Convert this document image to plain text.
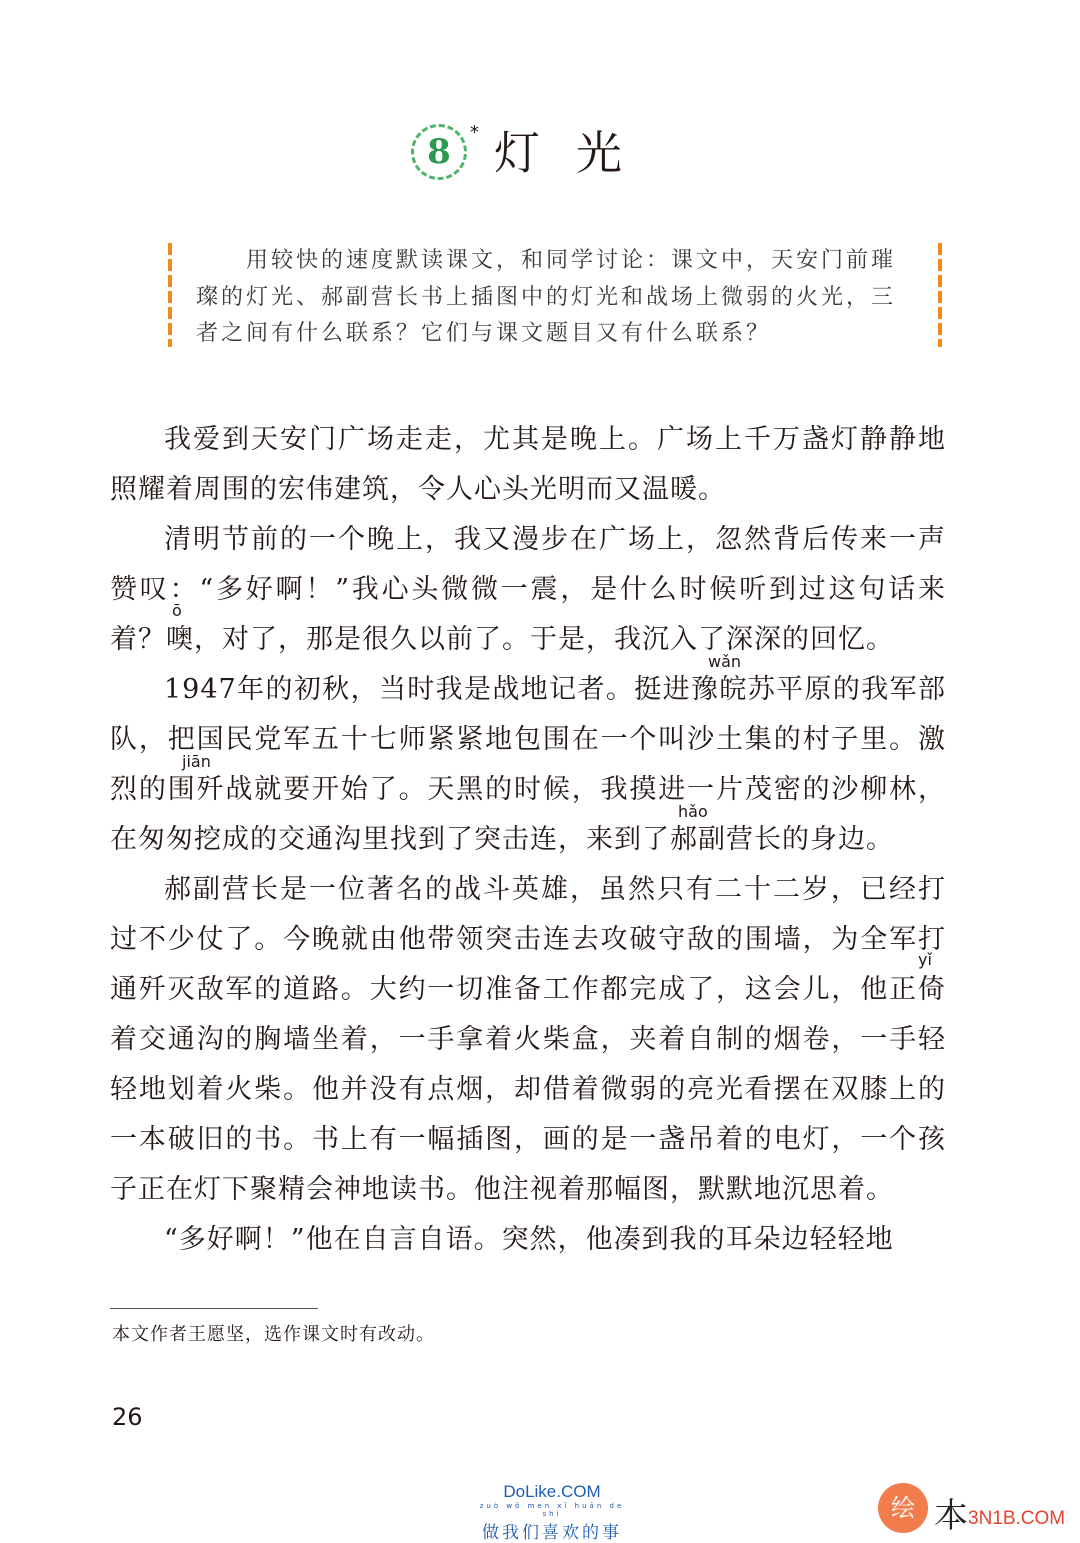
8	* 灯光

用较快的速度默读课文，和同学讨论：课文中，天安门前璀璨的灯光、郝副营长书上插图中的灯光和战场上微弱的火光，三者之间有什么联系？它们与课文题目又有什么联系？

我爱到天安门广场走走，尤其是晚上。广场上千万盏灯静静地照耀着周围的宏伟建筑，令人心头光明而又温暖。

清明节前的一个晚上，我又漫步在广场上，忽然背后传来一声赞叹：“多好啊！”我心头微微一震，是什么时候听到过这句话来着？噢，对了，那是很久以前了。于是，我沉入了深深的回忆。

1947年的初秋，当时我是战地记者。挺进豫皖苏平原的我军部队，把国民党军五十七师紧紧地包围在一个叫沙土集的村子里。激烈的围歼战就要开始了。天黑的时候，我摸进一片茂密的沙柳林，在匆匆挖成的交通沟里找到了突击连，来到了郝副营长的身边。

郝副营长是一位著名的战斗英雄，虽然只有二十二岁，已经打过不少仗了。今晚就由他带领突击连去攻破守敌的围墙，为全军打通歼灭敌军的道路。大约一切准备工作都完成了，这会儿，他正倚着交通沟的胸墙坐着，一手拿着火柴盒，夹着自制的烟卷，一手轻轻地划着火柴。他并没有点烟，却借着微弱的亮光看摆在双膝上的一本破旧的书。书上有一幅插图，画的是一盏吊着的电灯，一个孩子正在灯下聚精会神地读书。他注视着那幅图，默默地沉思着。

“多好啊！”他在自言自语。突然，他凑到我的耳朵边轻轻地

ō
wǎn
jiān
hǎo
yǐ
本文作者王愿坚，选作课文时有改动。
26
DoLike.COM
zuò wǒ men xǐ huān de shì
做我们喜欢的事
绘 本 3N1B.COM
